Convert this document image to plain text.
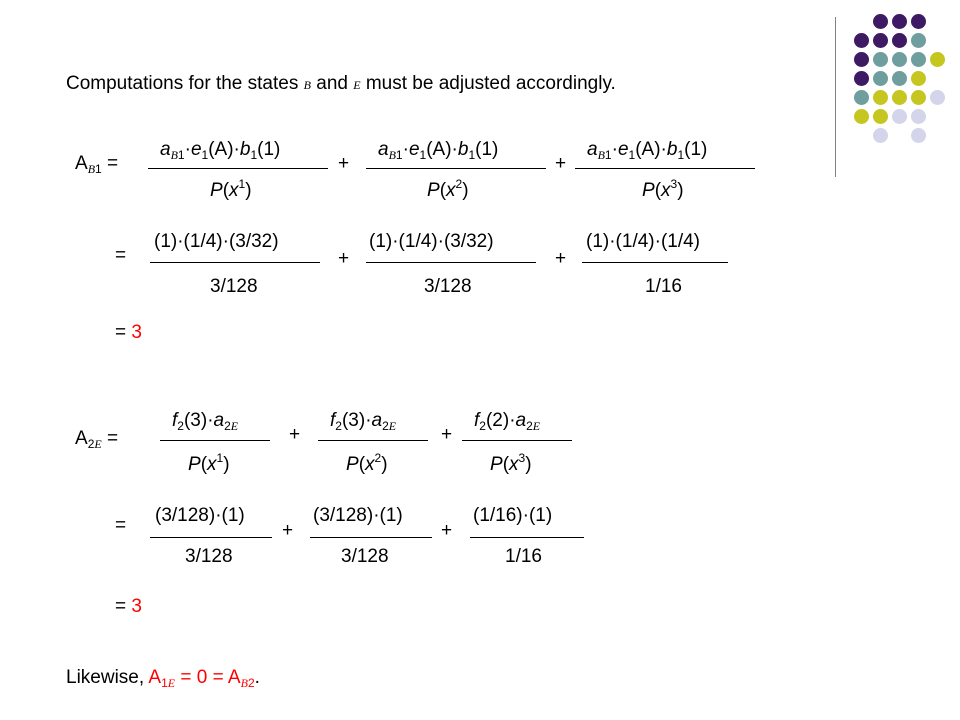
Computations for the states B and E must be adjusted accordingly.
$A_{B1}$ =
$a_{B1}\cdot e_1(A)\cdot b_1(1)$	$a_{B1}\cdot e_1(A)\cdot b_1(1)$	$a_{B1}\cdot e_1(A)\cdot b_1(1)$
+	+
$P(x^1)$	$P(x^2)$	$P(x^3)$
=
(1)·(1/4)·(3/32)	(1)·(1/4)·(3/32)	(1)·(1/4)·(1/4)
+	+
3/128	3/128	1/16
= 3
$A_{2E}$ =
$f_2(3)\cdot a_{2E}$	$f_2(3)\cdot a_{2E}$	$f_2(2)\cdot a_{2E}$
+	+
$P(x^1)$	$P(x^2)$	$P(x^3)$
= (3/128)·(1)	(3/128)·(1)	(1/16)·(1)
+	+
3/128	3/128	1/16
= 3
Likewise, $A_{1E} = 0 = A_{B2}$.
